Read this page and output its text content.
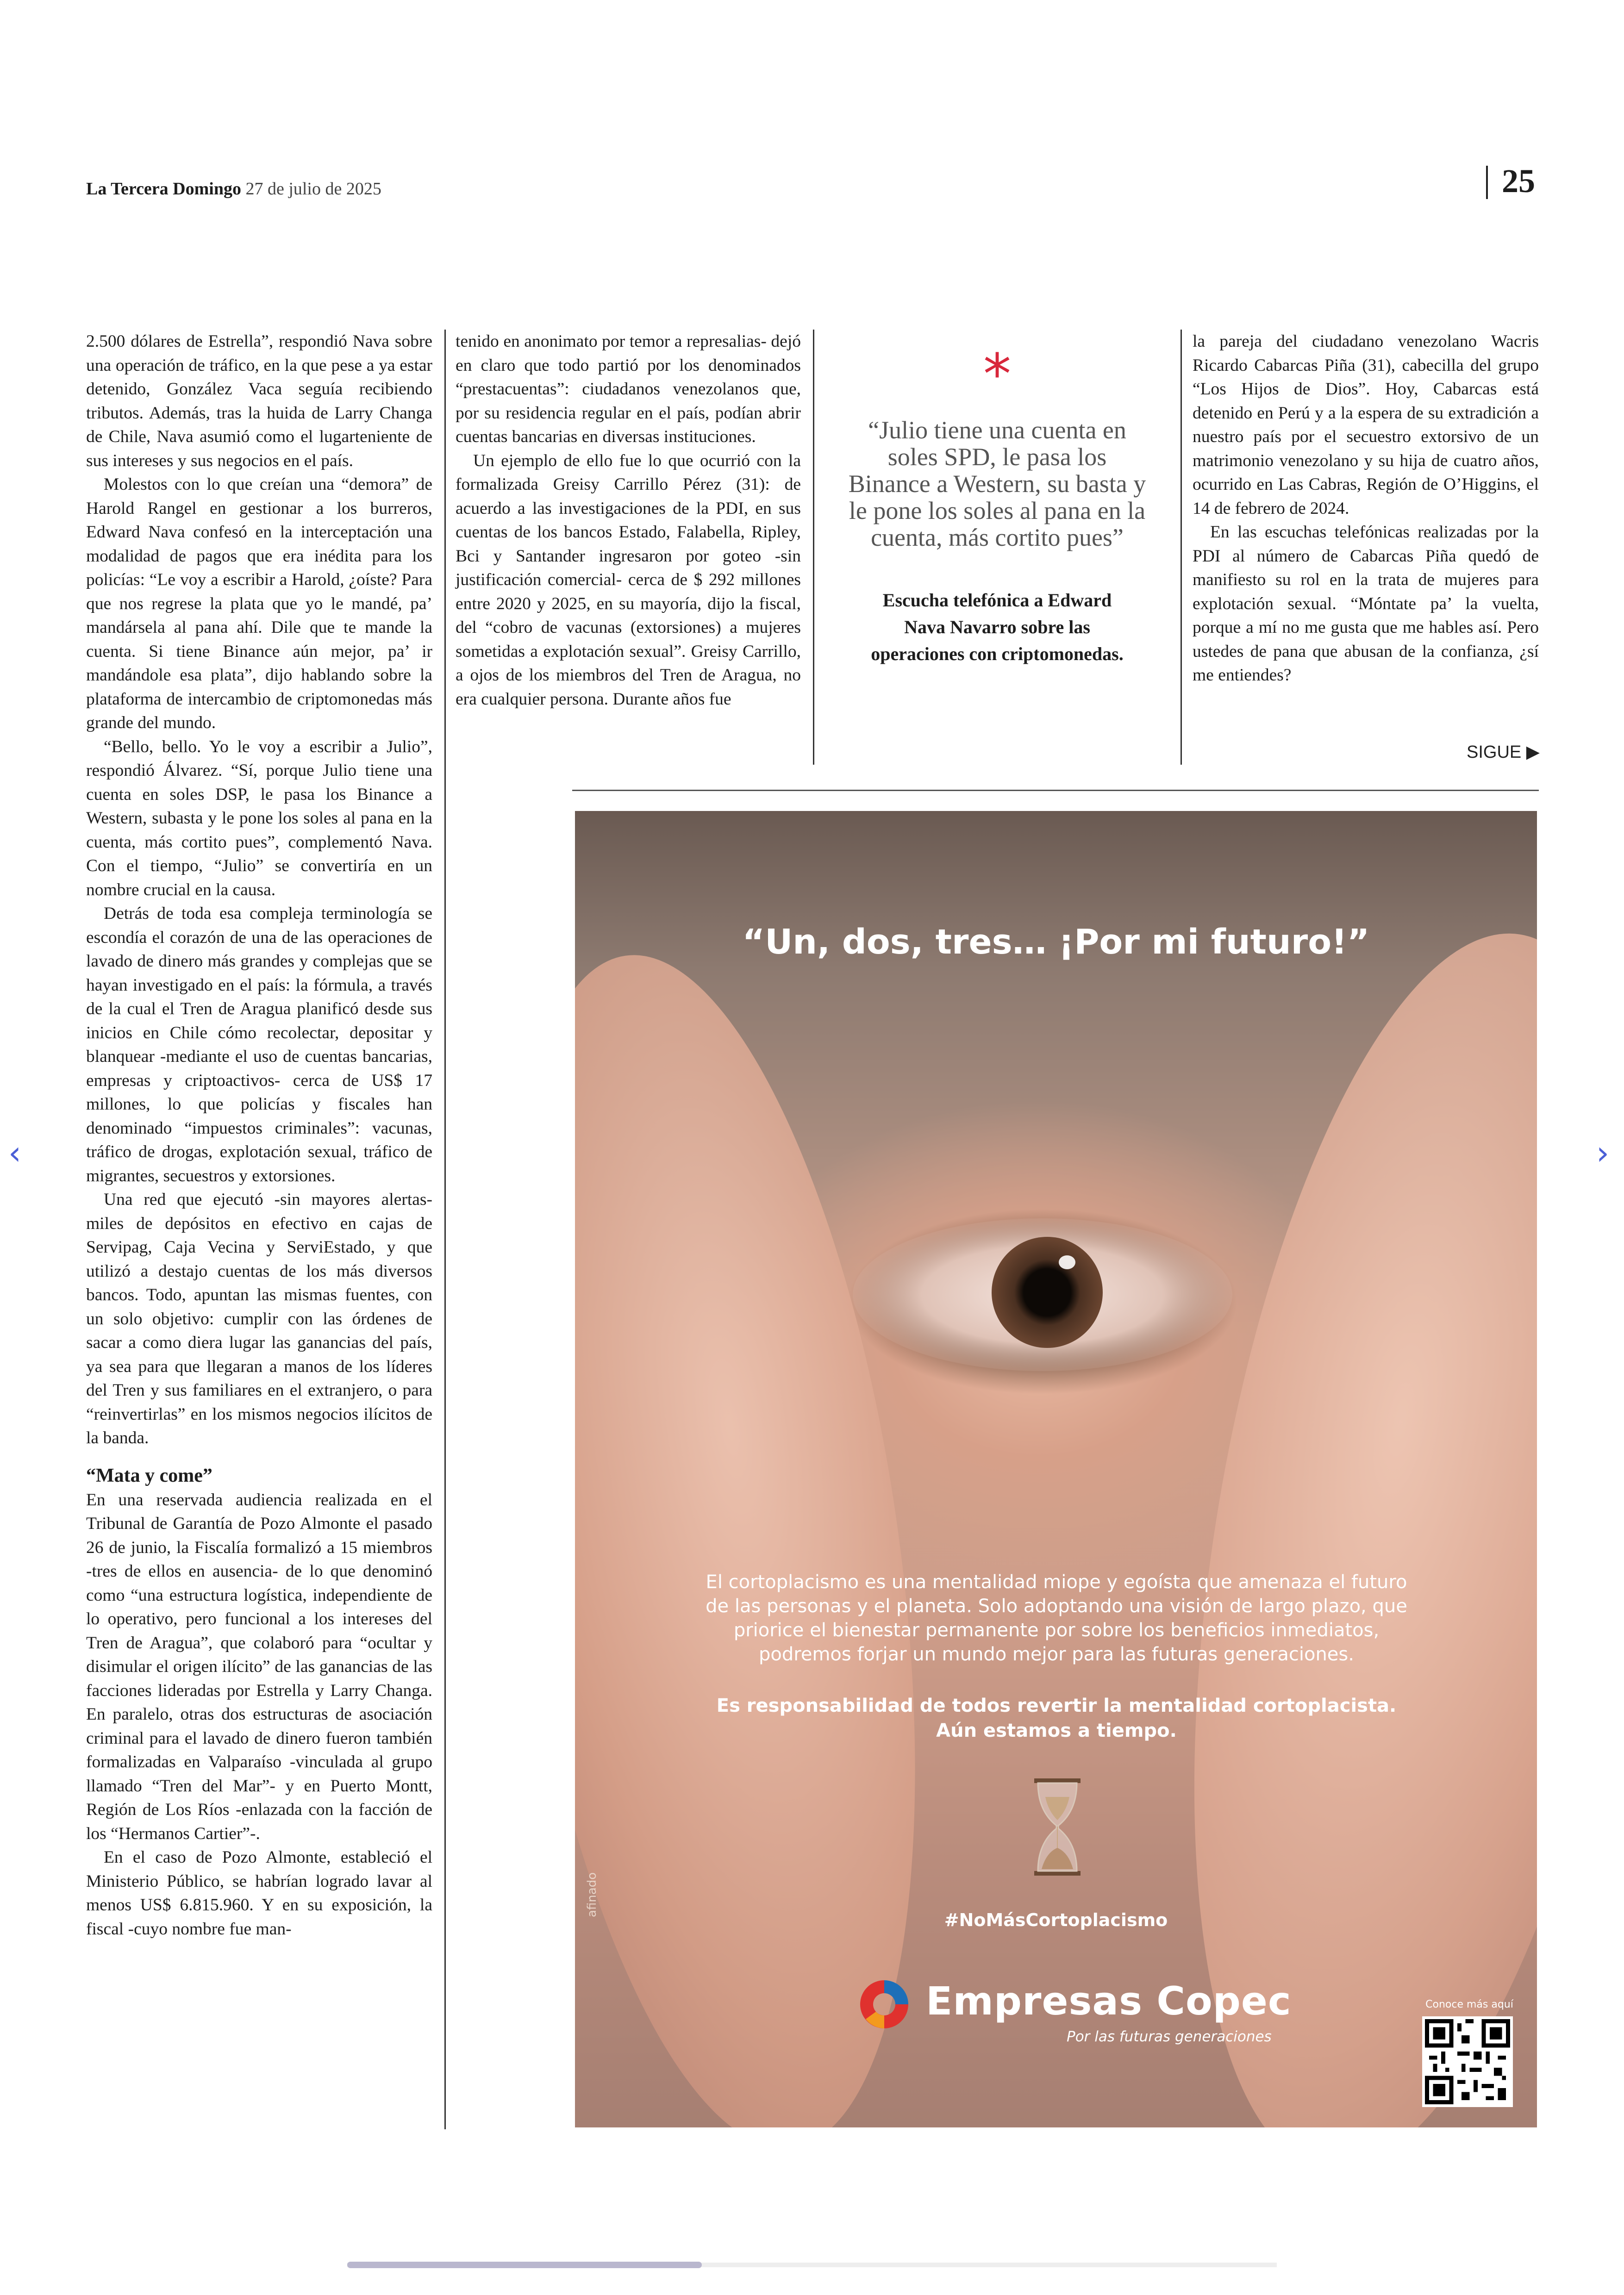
La Tercera Domingo 27 de julio de 2025	25

2.500 dólares de Estrella”, respondió Nava sobre una operación de tráfico, en la que pese a ya estar detenido, González Vaca seguía recibiendo tributos. Además, tras la huida de Larry Changa de Chile, Nava asumió como el lugarteniente de sus intereses y sus negocios en el país.

Molestos con lo que creían una “demora” de Harold Rangel en gestionar a los burreros, Edward Nava confesó en la interceptación una modalidad de pagos que era inédita para los policías: “Le voy a escribir a Harold, ¿oíste? Para que nos regrese la plata que yo le mandé, pa’ mandársela al pana ahí. Dile que te mande la cuenta. Si tiene Binance aún mejor, pa’ ir mandándole esa plata”, dijo hablando sobre la plataforma de intercambio de criptomonedas más grande del mundo.

“Bello, bello. Yo le voy a escribir a Julio”, respondió Álvarez. “Sí, porque Julio tiene una cuenta en soles DSP, le pasa los Binance a Western, subasta y le pone los soles al pana en la cuenta, más cortito pues”, complementó Nava. Con el tiempo, “Julio” se convertiría en un nombre crucial en la causa.

Detrás de toda esa compleja terminología se escondía el corazón de una de las operaciones de lavado de dinero más grandes y complejas que se hayan investigado en el país: la fórmula, a través de la cual el Tren de Aragua planificó desde sus inicios en Chile cómo recolectar, depositar y blanquear -mediante el uso de cuentas bancarias, empresas y criptoactivos- cerca de US$ 17 millones, lo que policías y fiscales han denominado “impuestos criminales”: vacunas, tráfico de drogas, explotación sexual, tráfico de migrantes, secuestros y extorsiones.

Una red que ejecutó -sin mayores alertas- miles de depósitos en efectivo en cajas de Servipag, Caja Vecina y ServiEstado, y que utilizó a destajo cuentas de los más diversos bancos. Todo, apuntan las mismas fuentes, con un solo objetivo: cumplir con las órdenes de sacar a como diera lugar las ganancias del país, ya sea para que llegaran a manos de los líderes del Tren y sus familiares en el extranjero, o para “reinvertirlas” en los mismos negocios ilícitos de la banda.

“Mata y come”

En una reservada audiencia realizada en el Tribunal de Garantía de Pozo Almonte el pasado 26 de junio, la Fiscalía formalizó a 15 miembros -tres de ellos en ausencia- de lo que denominó como “una estructura logística, independiente de lo operativo, pero funcional a los intereses del Tren de Aragua”, que colaboró para “ocultar y disimular el origen ilícito” de las ganancias de las facciones lideradas por Estrella y Larry Changa. En paralelo, otras dos estructuras de asociación criminal para el lavado de dinero fueron también formalizadas en Valparaíso -vinculada al grupo llamado “Tren del Mar”- y en Puerto Montt, Región de Los Ríos -enlazada con la facción de los “Hermanos Cartier”-.

En el caso de Pozo Almonte, estableció el Ministerio Público, se habrían logrado lavar al menos US$ 6.815.960. Y en su exposición, la fiscal -cuyo nombre fue man-

tenido en anonimato por temor a represalias- dejó en claro que todo partió por los denominados “prestacuentas”: ciudadanos venezolanos que, por su residencia regular en el país, podían abrir cuentas bancarias en diversas instituciones.

Un ejemplo de ello fue lo que ocurrió con la formalizada Greisy Carrillo Pérez (31): de acuerdo a las investigaciones de la PDI, en sus cuentas de los bancos Estado, Falabella, Ripley, Bci y Santander ingresaron por goteo -sin justificación comercial- cerca de $ 292 millones entre 2020 y 2025, en su mayoría, dijo la fiscal, del “cobro de vacunas (extorsiones) a mujeres sometidas a explotación sexual”. Greisy Carrillo, a ojos de los miembros del Tren de Aragua, no era cualquier persona. Durante años fue

*
“Julio tiene una cuenta en soles SPD, le pasa los Binance a Western, su basta y le pone los soles al pana en la cuenta, más cortito pues”
Escucha telefónica a Edward Nava Navarro sobre las operaciones con criptomonedas.

la pareja del ciudadano venezolano Wacris Ricardo Cabarcas Piña (31), cabecilla del grupo “Los Hijos de Dios”. Hoy, Cabarcas está detenido en Perú y a la espera de su extradición a nuestro país por el secuestro extorsivo de un matrimonio venezolano y su hija de cuatro años, ocurrido en Las Cabras, Región de O’Higgins, el 14 de febrero de 2024.

En las escuchas telefónicas realizadas por la PDI al número de Cabarcas Piña quedó de manifiesto su rol en la trata de mujeres para explotación sexual. “Móntate pa’ la vuelta, porque a mí no me gusta que me hables así. Pero ustedes de pana que abusan de la confianza, ¿sí me entiendes?

SIGUE ▶
“Un, dos, tres… ¡Por mi futuro!”
El cortoplacismo es una mentalidad miope y egoísta que amenaza el futuro de las personas y el planeta. Solo adoptando una visión de largo plazo, que priorice el bienestar permanente por sobre los beneficios inmediatos, podremos forjar un mundo mejor para las futuras generaciones.
Es responsabilidad de todos revertir la mentalidad cortoplacista.
Aún estamos a tiempo.
#NoMásCortoplacismo
afinado
Empresas Copec
Por las futuras generaciones
Conoce más aquí
‹	›
